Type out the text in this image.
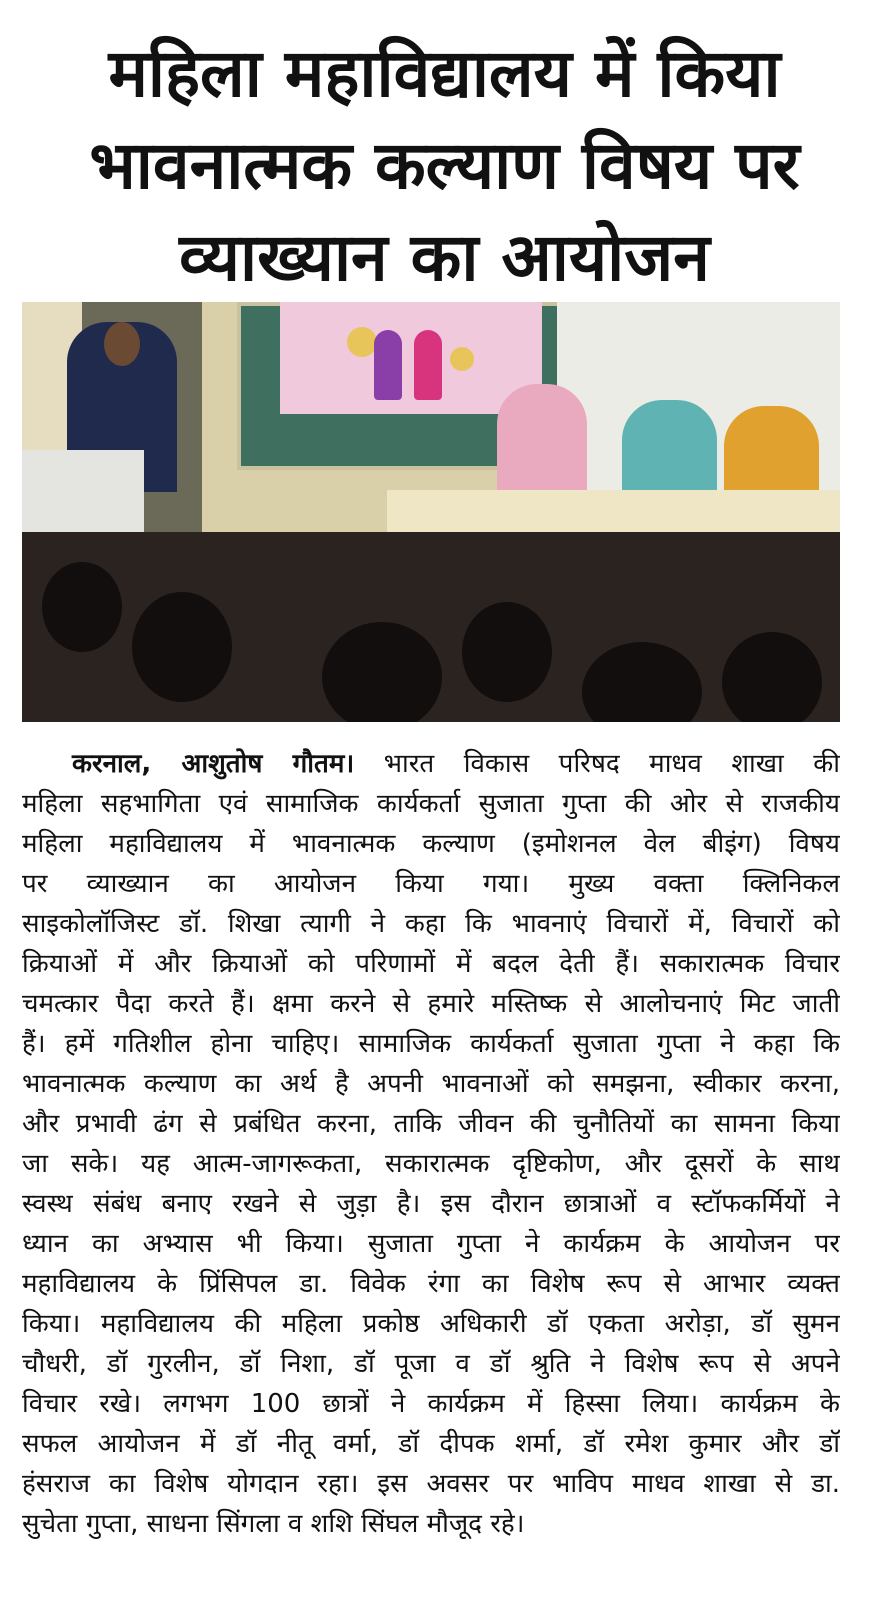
महिला महाविद्यालय में किया
भावनात्मक कल्याण विषय पर
व्याख्यान का आयोजन
करनाल, आशुतोष गौतम। भारत विकास परिषद माधव शाखा की
महिला सहभागिता एवं सामाजिक कार्यकर्ता सुजाता गुप्ता की ओर से राजकीय
महिला महाविद्यालय में भावनात्मक कल्याण (इमोशनल वेल बीइंग) विषय
पर व्याख्यान का आयोजन किया गया। मुख्य वक्ता क्लिनिकल
साइकोलॉजिस्ट डॉ. शिखा त्यागी ने कहा कि भावनाएं विचारों में, विचारों को
क्रियाओं में और क्रियाओं को परिणामों में बदल देती हैं। सकारात्मक विचार
चमत्कार पैदा करते हैं। क्षमा करने से हमारे मस्तिष्क से आलोचनाएं मिट जाती
हैं। हमें गतिशील होना चाहिए। सामाजिक कार्यकर्ता सुजाता गुप्ता ने कहा कि
भावनात्मक कल्याण का अर्थ है अपनी भावनाओं को समझना, स्वीकार करना,
और प्रभावी ढंग से प्रबंधित करना, ताकि जीवन की चुनौतियों का सामना किया
जा सके। यह आत्म-जागरूकता, सकारात्मक दृष्टिकोण, और दूसरों के साथ
स्वस्थ संबंध बनाए रखने से जुड़ा है। इस दौरान छात्राओं व स्टॉफकर्मियों ने
ध्यान का अभ्यास भी किया। सुजाता गुप्ता ने कार्यक्रम के आयोजन पर
महाविद्यालय के प्रिंसिपल डा. विवेक रंगा का विशेष रूप से आभार व्यक्त
किया। महाविद्यालय की महिला प्रकोष्ठ अधिकारी डॉ एकता अरोड़ा, डॉ सुमन
चौधरी, डॉ गुरलीन, डॉ निशा, डॉ पूजा व डॉ श्रुति ने विशेष रूप से अपने
विचार रखे। लगभग 100 छात्रों ने कार्यक्रम में हिस्सा लिया। कार्यक्रम के
सफल आयोजन में डॉ नीतू वर्मा, डॉ दीपक शर्मा, डॉ रमेश कुमार और डॉ
हंसराज का विशेष योगदान रहा। इस अवसर पर भाविप माधव शाखा से डा.
सुचेता गुप्ता, साधना सिंगला व शशि सिंघल मौजूद रहे।
